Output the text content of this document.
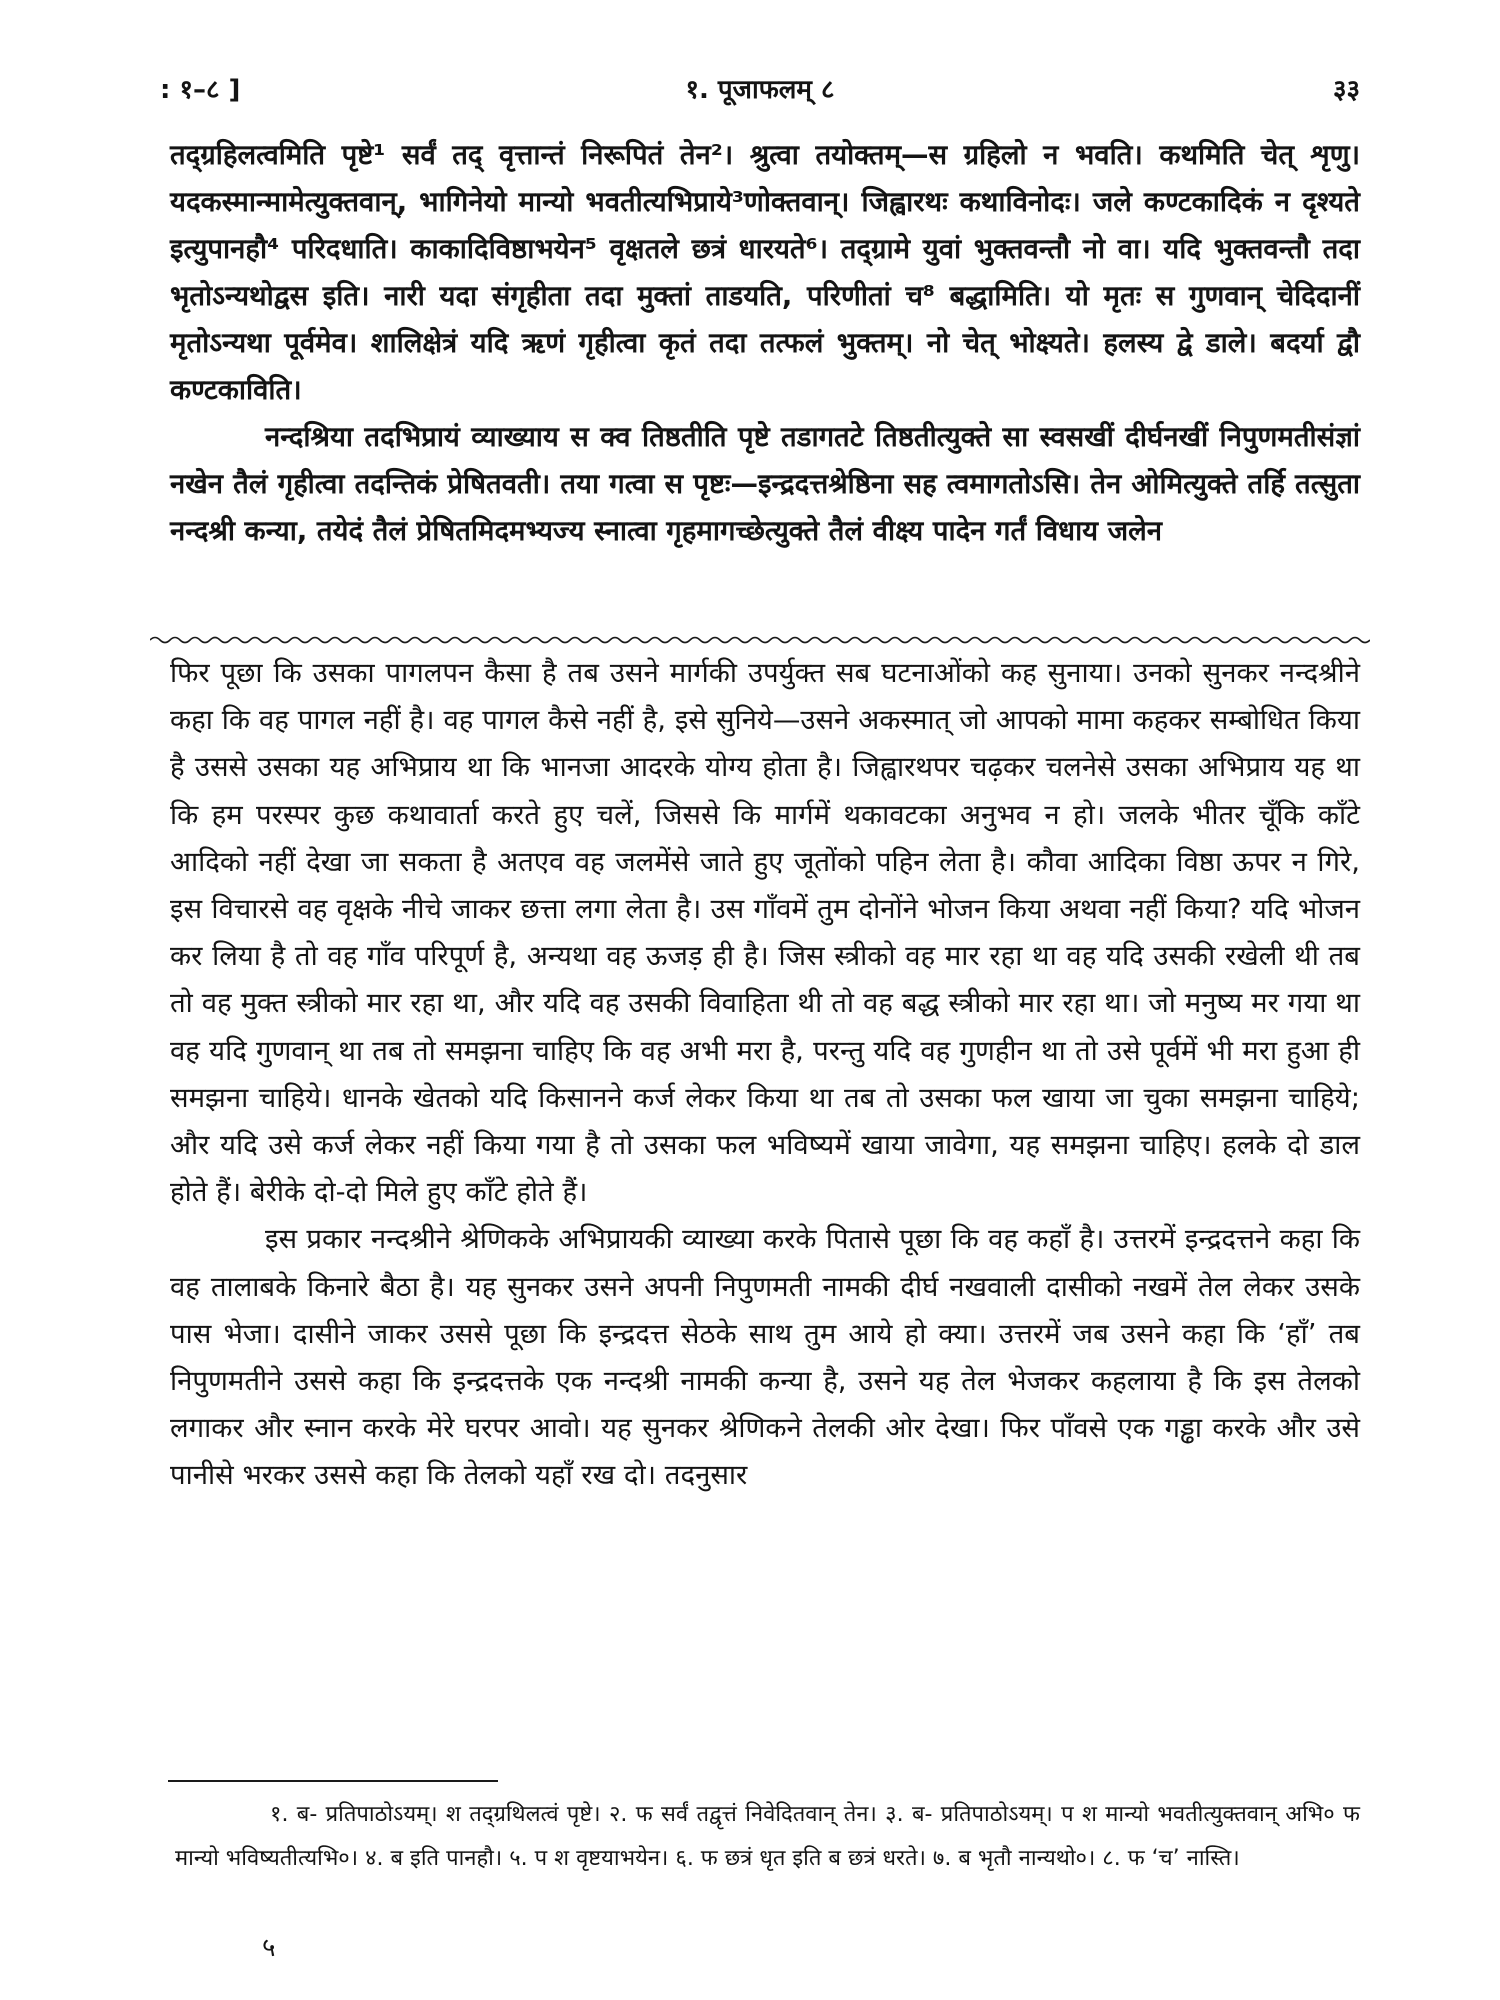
: १–८ ]	१. पूजाफलम् ८	३३

तद्ग्रहिलत्वमिति पृष्टे¹ सर्वं तद् वृत्तान्तं निरूपितं तेन²। श्रुत्वा तयोक्तम्—स ग्रहिलो न भवति। कथमिति चेत् शृणु। यदकस्मान्मामेत्युक्तवान्, भागिनेयो मान्यो भवतीत्यभिप्राये³णोक्तवान्। जिह्वारथः कथाविनोदः। जले कण्टकादिकं न दृश्यते इत्युपानहौ⁴ परिदधाति। काकादिविष्ठाभयेन⁵ वृक्षतले छत्रं धारयते⁶। तद्ग्रामे युवां भुक्तवन्तौ नो वा। यदि भुक्तवन्तौ तदा भृतोऽन्यथोद्वस इति। नारी यदा संगृहीता तदा मुक्तां ताडयति, परिणीतां च⁸ बद्धामिति। यो मृतः स गुणवान् चेदिदानीं मृतोऽन्यथा पूर्वमेव। शालिक्षेत्रं यदि ऋणं गृहीत्वा कृतं तदा तत्फलं भुक्तम्। नो चेत् भोक्ष्यते। हलस्य द्वे डाले। बदर्या द्वौ कण्टकाविति।

नन्दश्रिया तदभिप्रायं व्याख्याय स क्व तिष्ठतीति पृष्टे तडागतटे तिष्ठतीत्युक्ते सा स्वसखीं दीर्घनखीं निपुणमतीसंज्ञां नखेन तैलं गृहीत्वा तदन्तिकं प्रेषितवती। तया गत्वा स पृष्टः—इन्द्रदत्तश्रेष्ठिना सह त्वमागतोऽसि। तेन ओमित्युक्ते तर्हि तत्सुता नन्दश्री कन्या, तयेदं तैलं प्रेषितमिदमभ्यज्य स्नात्वा गृहमागच्छेत्युक्ते तैलं वीक्ष्य पादेन गर्तं विधाय जलेन

फिर पूछा कि उसका पागलपन कैसा है तब उसने मार्गकी उपर्युक्त सब घटनाओंको कह सुनाया। उनको सुनकर नन्दश्रीने कहा कि वह पागल नहीं है। वह पागल कैसे नहीं है, इसे सुनिये—उसने अकस्मात् जो आपको मामा कहकर सम्बोधित किया है उससे उसका यह अभिप्राय था कि भानजा आदरके योग्य होता है। जिह्वारथपर चढ़कर चलनेसे उसका अभिप्राय यह था कि हम परस्पर कुछ कथावार्ता करते हुए चलें, जिससे कि मार्गमें थकावटका अनुभव न हो। जलके भीतर चूँकि काँटे आदिको नहीं देखा जा सकता है अतएव वह जलमेंसे जाते हुए जूतोंको पहिन लेता है। कौवा आदिका विष्ठा ऊपर न गिरे, इस विचारसे वह वृक्षके नीचे जाकर छत्ता लगा लेता है। उस गाँवमें तुम दोनोंने भोजन किया अथवा नहीं किया? यदि भोजन कर लिया है तो वह गाँव परिपूर्ण है, अन्यथा वह ऊजड़ ही है। जिस स्त्रीको वह मार रहा था वह यदि उसकी रखेली थी तब तो वह मुक्त स्त्रीको मार रहा था, और यदि वह उसकी विवाहिता थी तो वह बद्ध स्त्रीको मार रहा था। जो मनुष्य मर गया था वह यदि गुणवान् था तब तो समझना चाहिए कि वह अभी मरा है, परन्तु यदि वह गुणहीन था तो उसे पूर्वमें भी मरा हुआ ही समझना चाहिये। धानके खेतको यदि किसानने कर्ज लेकर किया था तब तो उसका फल खाया जा चुका समझना चाहिये; और यदि उसे कर्ज लेकर नहीं किया गया है तो उसका फल भविष्यमें खाया जावेगा, यह समझना चाहिए। हलके दो डाल होते हैं। बेरीके दो-दो मिले हुए काँटे होते हैं।

इस प्रकार नन्दश्रीने श्रेणिकके अभिप्रायकी व्याख्या करके पितासे पूछा कि वह कहाँ है। उत्तरमें इन्द्रदत्तने कहा कि वह तालाबके किनारे बैठा है। यह सुनकर उसने अपनी निपुणमती नामकी दीर्घ नखवाली दासीको नखमें तेल लेकर उसके पास भेजा। दासीने जाकर उससे पूछा कि इन्द्रदत्त सेठके साथ तुम आये हो क्या। उत्तरमें जब उसने कहा कि ‘हाँ’ तब निपुणमतीने उससे कहा कि इन्द्रदत्तके एक नन्दश्री नामकी कन्या है, उसने यह तेल भेजकर कहलाया है कि इस तेलको लगाकर और स्नान करके मेरे घरपर आवो। यह सुनकर श्रेणिकने तेलकी ओर देखा। फिर पाँवसे एक गड्ढा करके और उसे पानीसे भरकर उससे कहा कि तेलको यहाँ रख दो। तदनुसार

१. ब- प्रतिपाठोऽयम्। श तद्ग्रथिलत्वं पृष्टे। २. फ सर्वं तद्वृत्तं निवेदितवान् तेन। ३. ब- प्रतिपाठोऽयम्। प श मान्यो भवतीत्युक्तवान् अभि० फ मान्यो भविष्यतीत्यभि०। ४. ब इति पानहौ। ५. प श वृष्टयाभयेन। ६. फ छत्रं धृत इति ब छत्रं धरते। ७. ब भृतौ नान्यथो०। ८. फ ‘च’ नास्ति।

५
